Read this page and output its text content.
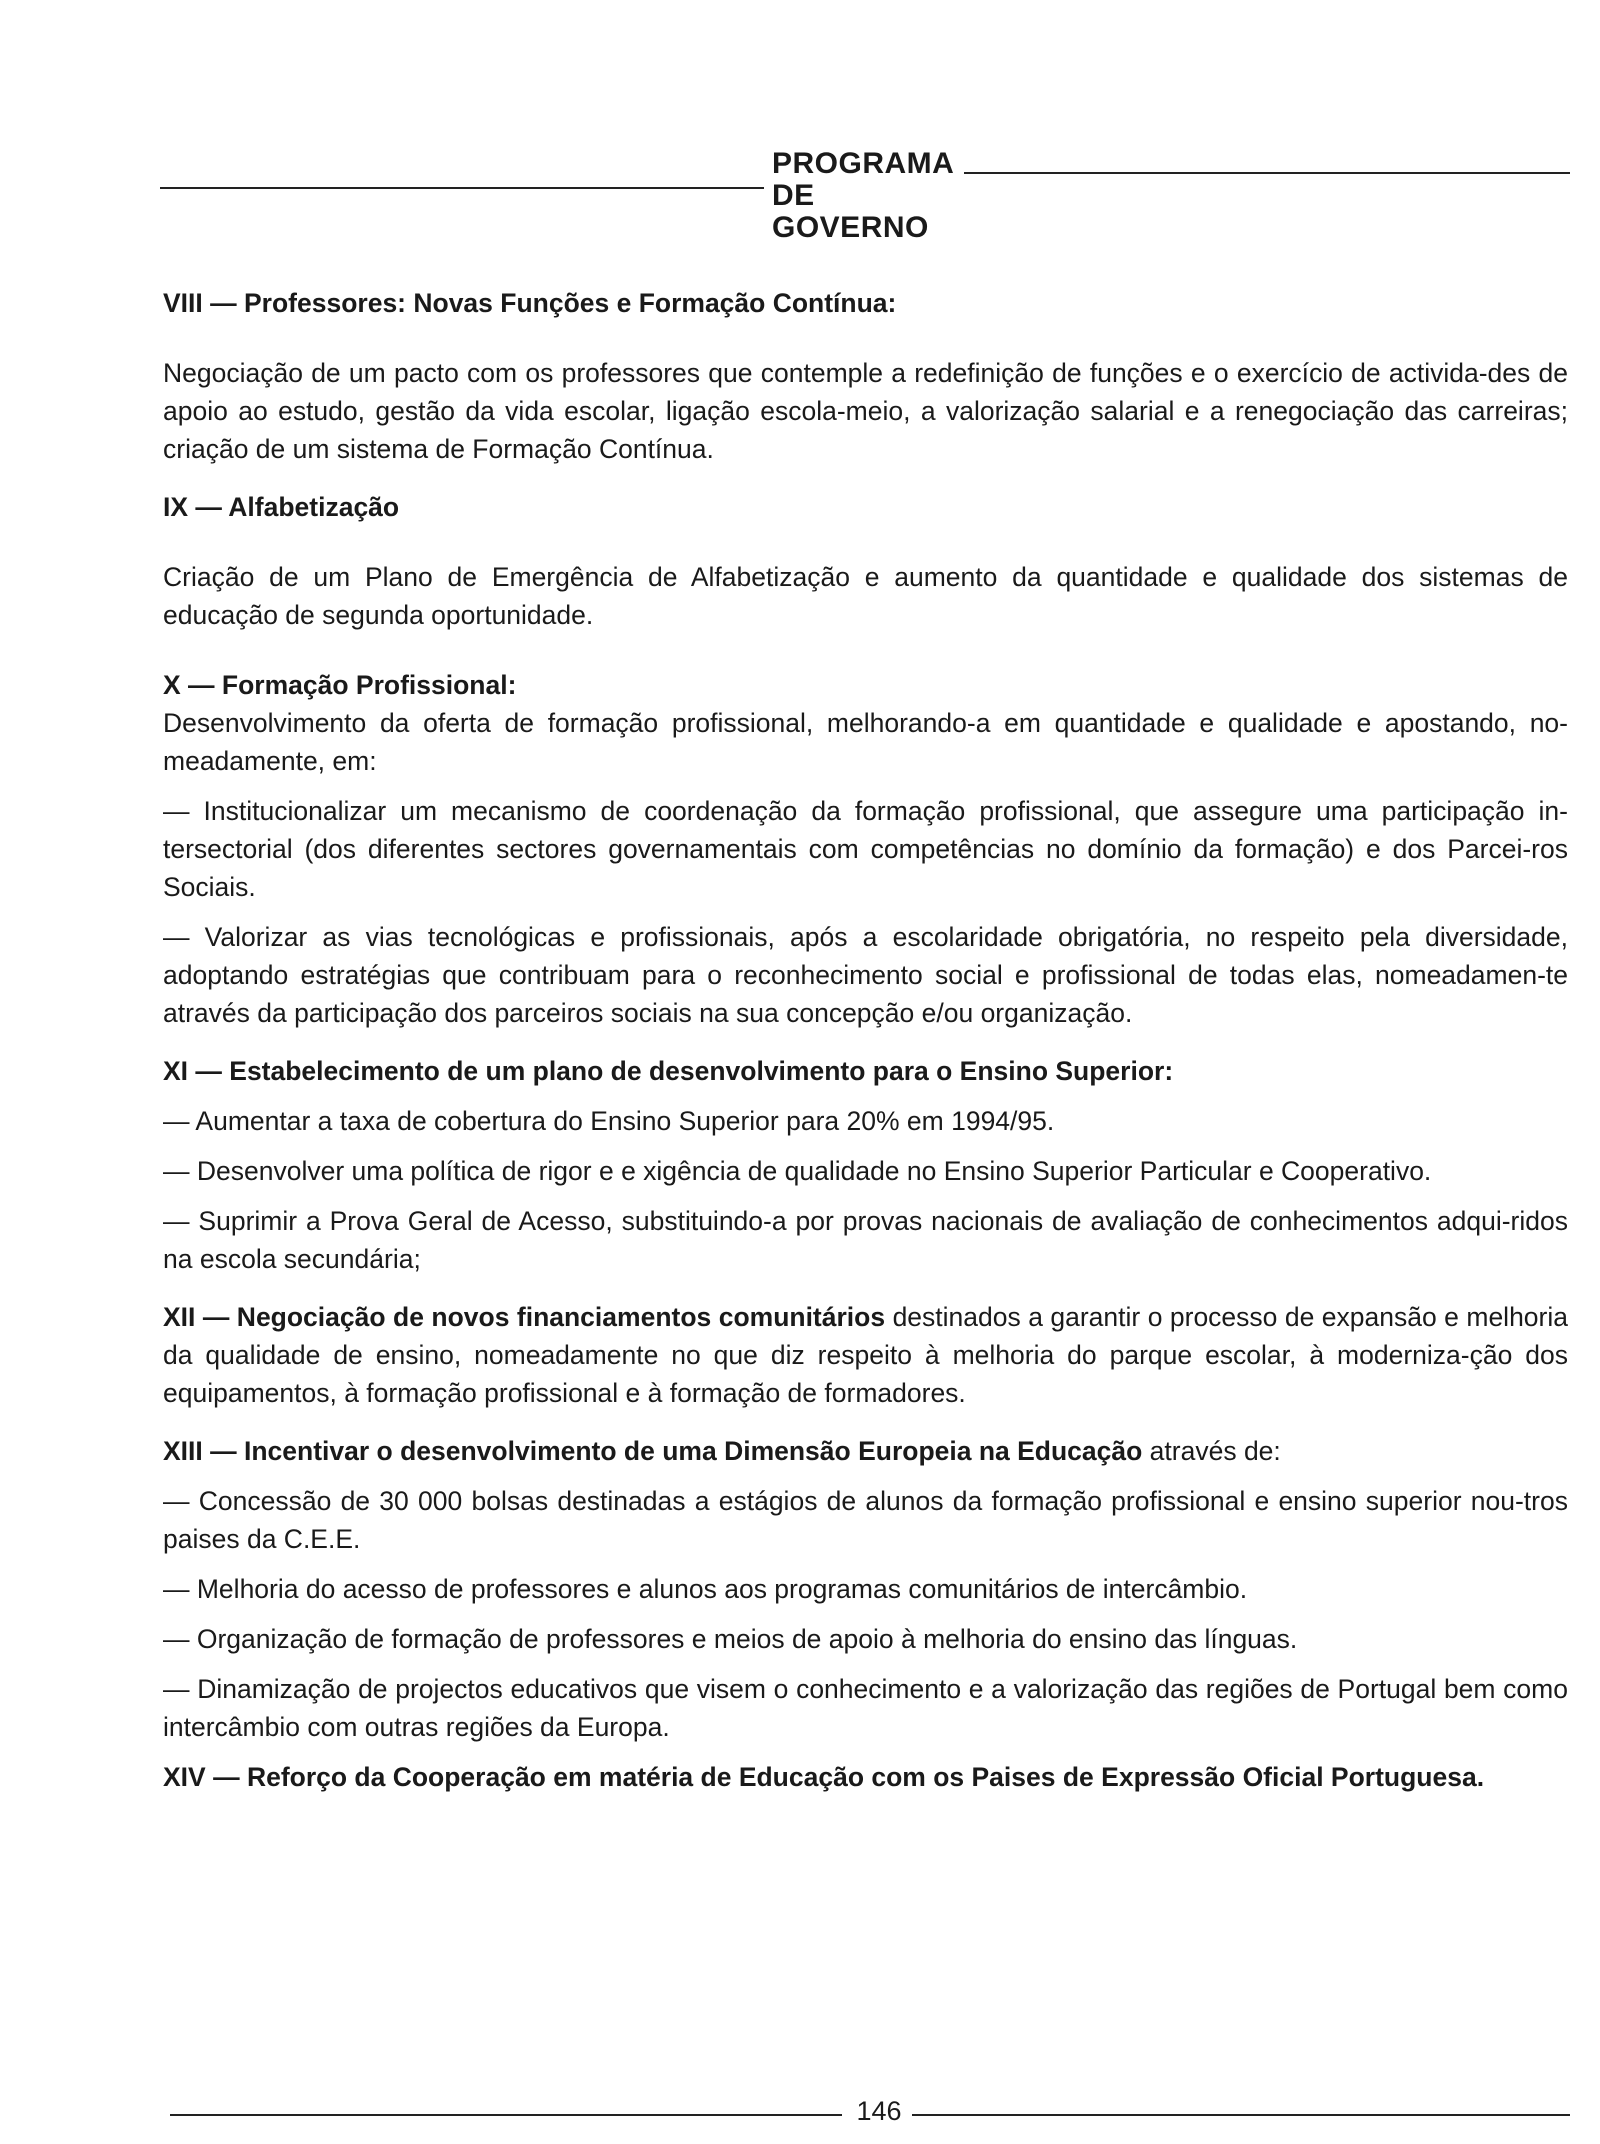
PROGRAMA
DE GOVERNO

VIII — Professores: Novas Funções e Formação Contínua:

Negociação de um pacto com os professores que contemple a redefinição de funções e o exercício de activida-des de apoio ao estudo, gestão da vida escolar, ligação escola-meio, a valorização salarial e a renegociação das carreiras; criação de um sistema de Formação Contínua.

IX — Alfabetização

Criação de um Plano de Emergência de Alfabetização e aumento da quantidade e qualidade dos sistemas de educação de segunda oportunidade.

X — Formação Profissional:

Desenvolvimento da oferta de formação profissional, melhorando-a em quantidade e qualidade e apostando, no-meadamente, em:

— Institucionalizar um mecanismo de coordenação da formação profissional, que assegure uma participação in-tersectorial (dos diferentes sectores governamentais com competências no domínio da formação) e dos Parcei-ros Sociais.

— Valorizar as vias tecnológicas e profissionais, após a escolaridade obrigatória, no respeito pela diversidade, adoptando estratégias que contribuam para o reconhecimento social e profissional de todas elas, nomeadamen-te através da participação dos parceiros sociais na sua concepção e/ou organização.

XI — Estabelecimento de um plano de desenvolvimento para o Ensino Superior:

— Aumentar a taxa de cobertura do Ensino Superior para 20% em 1994/95.

— Desenvolver uma política de rigor e e xigência de qualidade no Ensino Superior Particular e Cooperativo.

— Suprimir a Prova Geral de Acesso, substituindo-a por provas nacionais de avaliação de conhecimentos adqui-ridos na escola secundária;

XII — Negociação de novos financiamentos comunitários destinados a garantir o processo de expansão e melhoria da qualidade de ensino, nomeadamente no que diz respeito à melhoria do parque escolar, à moderniza-ção dos equipamentos, à formação profissional e à formação de formadores.

XIII — Incentivar o desenvolvimento de uma Dimensão Europeia na Educação através de:

— Concessão de 30 000 bolsas destinadas a estágios de alunos da formação profissional e ensino superior nou-tros paises da C.E.E.

— Melhoria do acesso de professores e alunos aos programas comunitários de intercâmbio.

— Organização de formação de professores e meios de apoio à melhoria do ensino das línguas.

— Dinamização de projectos educativos que visem o conhecimento e a valorização das regiões de Portugal bem como intercâmbio com outras regiões da Europa.

XIV — Reforço da Cooperação em matéria de Educação com os Paises de Expressão Oficial Portuguesa.

146
